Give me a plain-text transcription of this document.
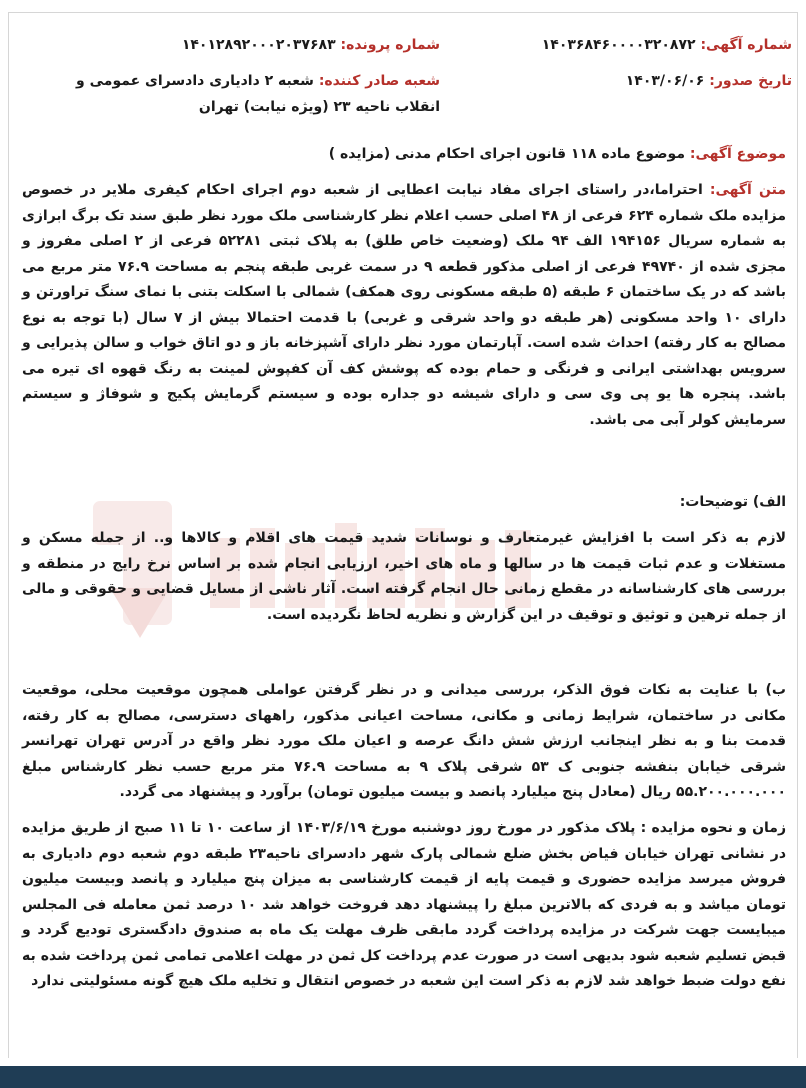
شماره آگهی: ۱۴۰۳۶۸۴۶۰۰۰۰۳۲۰۸۷۲
شماره پرونده: ۱۴۰۱۲۸۹۲۰۰۰۲۰۳۷۶۸۳
تاریخ صدور: ۱۴۰۳/۰۶/۰۶
شعبه صادر کننده: شعبه ۲ دادیاری دادسرای عمومی و انقلاب ناحیه ۲۳ (ویژه نیابت) تهران
موضوع آگهی: موضوع ماده ۱۱۸ قانون اجرای احکام مدنی (مزایده )
متن آگهی: احتراما،در راستای اجرای مفاد نیابت اعطایی از شعبه دوم اجرای احکام کیفری ملایر در خصوص مزایده ملک شماره ۶۲۴ فرعی از ۴۸ اصلی حسب اعلام نظر کارشناسی ملک مورد نظر طبق سند تک برگ ابرازی به شماره سریال ۱۹۴۱۵۶ الف ۹۴ ملک (وضعیت خاص طلق) به پلاک ثبتی ۵۲۲۸۱ فرعی از ۲ اصلی مفروز و مجزی شده از ۴۹۷۴۰ فرعی از اصلی مذکور قطعه ۹ در سمت غربی طبقه پنجم به مساحت ۷۶.۹ متر مربع می باشد که در یک ساختمان ۶ طبقه (۵ طبقه مسکونی روی همکف) شمالی با اسکلت بتنی با نمای سنگ تراورتن و دارای ۱۰ واحد مسکونی (هر طبقه دو واحد شرقی و غربی) با قدمت احتمالا بیش از ۷ سال (با توجه به نوع مصالح به کار رفته) احداث شده است. آپارتمان مورد نظر دارای آشپزخانه باز و دو اتاق خواب و سالن پذیرایی و سرویس بهداشتی ایرانی و فرنگی و حمام بوده که پوشش کف آن کفپوش لمینت به رنگ قهوه ای تیره می باشد. پنجره ها یو پی وی سی و دارای شیشه دو جداره بوده و سیستم گرمایش پکیج و شوفاژ و سیستم سرمایش کولر آبی می باشد.
الف) توضیحات:
لازم به ذکر است با افزایش غیرمتعارف و نوسانات شدید قیمت های اقلام و کالاها و.. از جمله مسکن و مستغلات و عدم ثبات قیمت ها در سالها و ماه های اخیر، ارزیابی انجام شده بر اساس نرخ رایج در منطقه و بررسی های کارشناسانه در مقطع زمانی حال انجام گرفته است. آثار ناشی از مسایل قضایی و حقوقی و مالی از جمله ترهین و توثیق و توقیف در این گزارش و نظریه لحاظ نگردیده است.
ب) با عنایت به نکات فوق الذکر، بررسی میدانی و در نظر گرفتن عواملی همچون موقعیت محلی، موقعیت مکانی در ساختمان، شرایط زمانی و مکانی، مساحت اعیانی مذکور، راههای دسترسی، مصالح به کار رفته، قدمت بنا و به نظر اینجانب ارزش شش دانگ عرصه و اعیان ملک مورد نظر واقع در آدرس تهران تهرانسر شرقی خیابان بنفشه جنوبی ک ۵۳ شرقی پلاک ۹ به مساحت ۷۶.۹ متر مربع حسب نظر کارشناس مبلغ ۵۵.۲۰۰.۰۰۰.۰۰۰ ریال (معادل پنج میلیارد پانصد و بیست میلیون تومان) برآورد و پیشنهاد می گردد.
زمان و نحوه مزایده : پلاک مذکور در مورخ روز دوشنبه مورخ ۱۴۰۳/۶/۱۹ از ساعت ۱۰ تا ۱۱ صبح از طریق مزایده در نشانی تهران خیابان فیاض بخش ضلع شمالی پارک شهر دادسرای ناحیه۲۳ طبقه دوم شعبه دوم دادیاری به فروش میرسد مزایده حضوری و قیمت پایه از قیمت کارشناسی به میزان پنج میلیارد و پانصد وبیست میلیون تومان میاشد و به فردی که بالاترین مبلغ را پیشنهاد دهد فروخت خواهد شد ۱۰ درصد ثمن معامله فی المجلس میبایست جهت شرکت در مزایده پرداخت گردد مابقی ظرف مهلت یک ماه به صندوق دادگستری تودیع گردد و قبض تسلیم شعبه شود بدیهی است در صورت عدم پرداخت کل ثمن در مهلت اعلامی تمامی ثمن پرداخت شده به نفع دولت ضبط خواهد شد لازم به ذکر است این شعبه در خصوص انتقال و تخلیه ملک هیچ گونه مسئولیتی ندارد
